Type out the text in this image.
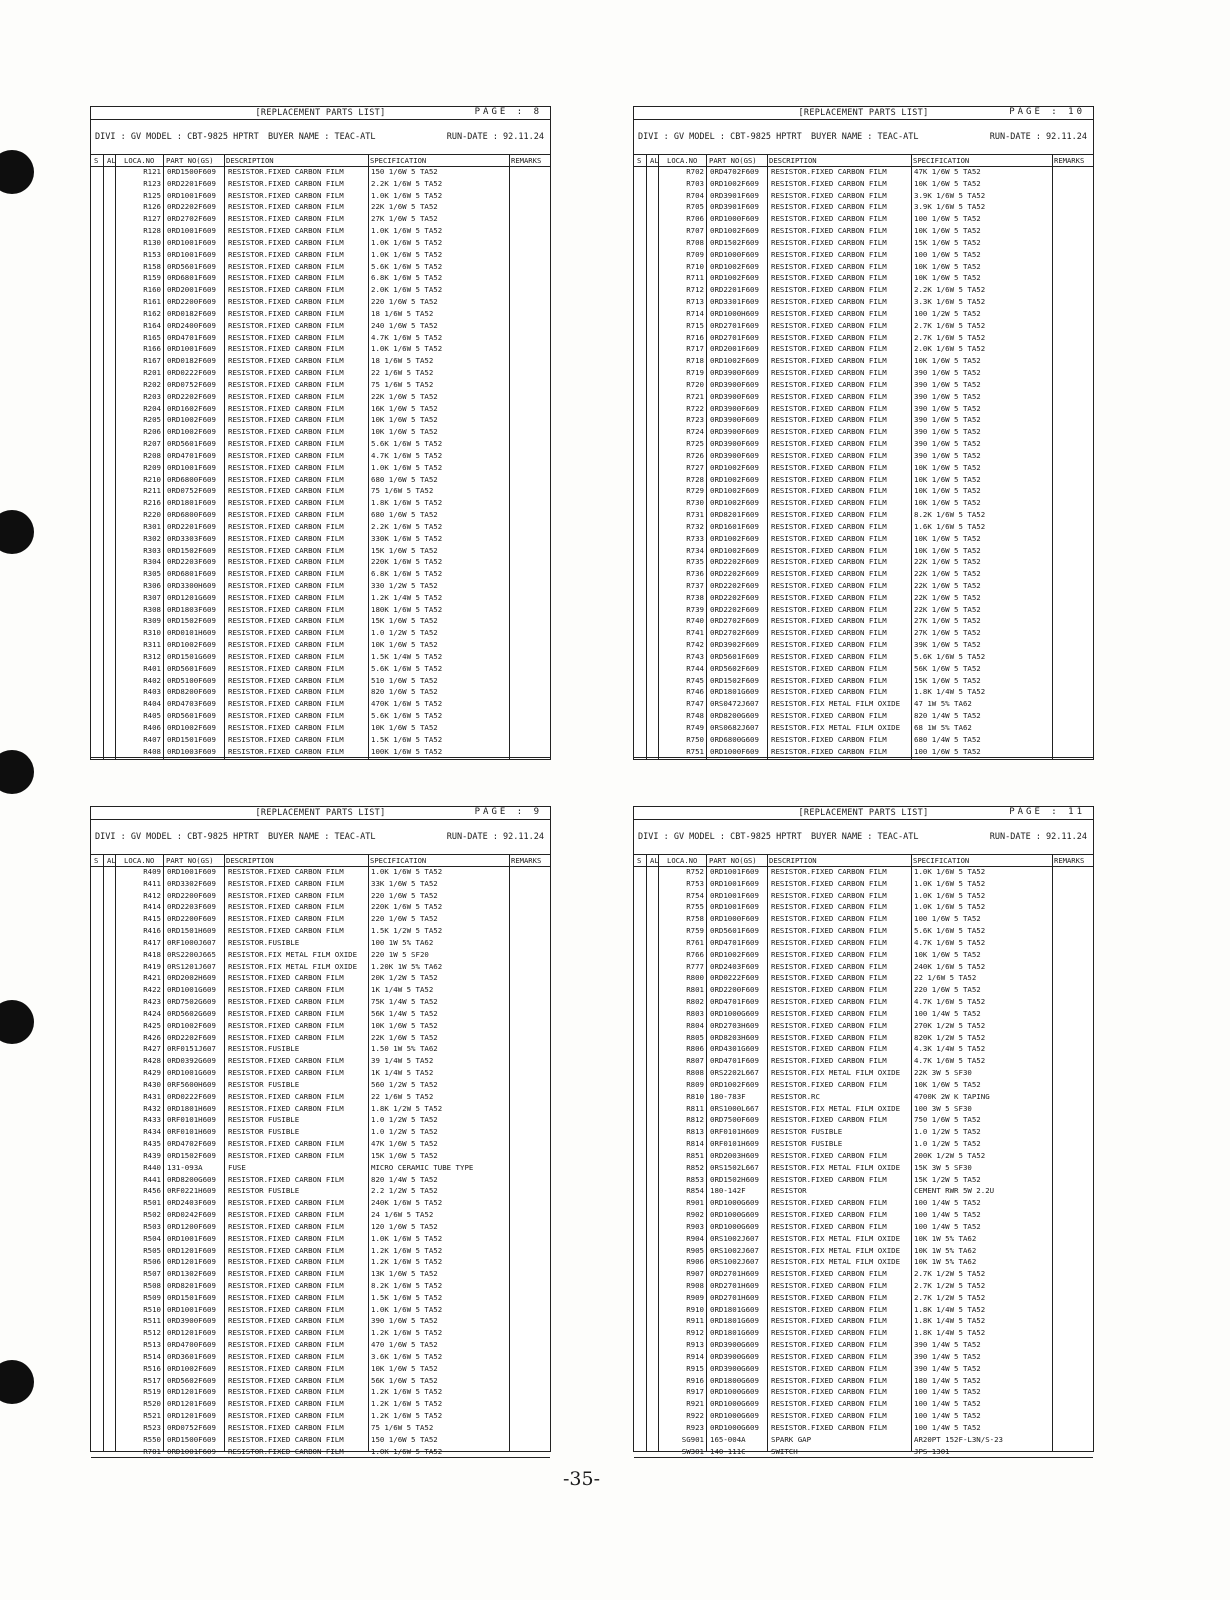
[REPLACEMENT PARTS LIST]	PAGE : 8
DIVI : GV MODEL : CBT-9825 HPTRT BUYER NAME : TEAC-ATL	RUN-DATE : 92.11.24
S AL LOCA.NO PART NO(GS) DESCRIPTION	SPECIFICATION	REMARKS
R121 0RD1500F609	RESISTOR.FIXED CARBON FILM	150 1/6W 5 TA52
R123 0RD2201F609	RESISTOR.FIXED CARBON FILM	2.2K 1/6W 5 TA52
R125 0RD1001F609	RESISTOR.FIXED CARBON FILM	1.0K 1/6W 5 TA52
R126 0RD2202F609	RESISTOR.FIXED CARBON FILM	22K 1/6W 5 TA52
R127 0RD2702F609	RESISTOR.FIXED CARBON FILM	27K 1/6W 5 TA52
R128 0RD1001F609	RESISTOR.FIXED CARBON FILM	1.0K 1/6W 5 TA52
R130 0RD1001F609	RESISTOR.FIXED CARBON FILM	1.0K 1/6W 5 TA52
R153 0RD1001F609	RESISTOR.FIXED CARBON FILM	1.0K 1/6W 5 TA52
R158 0RD5601F609	RESISTOR.FIXED CARBON FILM	5.6K 1/6W 5 TA52
R159 0RD6801F609	RESISTOR.FIXED CARBON FILM	6.8K 1/6W 5 TA52
R160 0RD2001F609	RESISTOR.FIXED CARBON FILM	2.0K 1/6W 5 TA52
R161 0RD2200F609	RESISTOR.FIXED CARBON FILM	220 1/6W 5 TA52
R162 0RD0182F609	RESISTOR.FIXED CARBON FILM	18 1/6W 5 TA52
R164 0RD2400F609	RESISTOR.FIXED CARBON FILM	240 1/6W 5 TA52
R165 0RD4701F609	RESISTOR.FIXED CARBON FILM	4.7K 1/6W 5 TA52
R166 0RD1001F609	RESISTOR.FIXED CARBON FILM	1.0K 1/6W 5 TA52
R167 0RD0182F609	RESISTOR.FIXED CARBON FILM	18 1/6W 5 TA52
R201 0RD0222F609	RESISTOR.FIXED CARBON FILM	22 1/6W 5 TA52
R202 0RD0752F609	RESISTOR.FIXED CARBON FILM	75 1/6W 5 TA52
R203 0RD2202F609	RESISTOR.FIXED CARBON FILM	22K 1/6W 5 TA52
R204 0RD1602F609	RESISTOR.FIXED CARBON FILM	16K 1/6W 5 TA52
R205 0RD1002F609	RESISTOR.FIXED CARBON FILM	10K 1/6W 5 TA52
R206 0RD1002F609	RESISTOR.FIXED CARBON FILM	10K 1/6W 5 TA52
R207 0RD5601F609	RESISTOR.FIXED CARBON FILM	5.6K 1/6W 5 TA52
R208 0RD4701F609	RESISTOR.FIXED CARBON FILM	4.7K 1/6W 5 TA52
R209 0RD1001F609	RESISTOR.FIXED CARBON FILM	1.0K 1/6W 5 TA52
R210 0RD6800F609	RESISTOR.FIXED CARBON FILM	680 1/6W 5 TA52
R211 0RD0752F609	RESISTOR.FIXED CARBON FILM	75 1/6W 5 TA52
R216 0RD1801F609	RESISTOR.FIXED CARBON FILM	1.8K 1/6W 5 TA52
R220 0RD6800F609	RESISTOR.FIXED CARBON FILM	680 1/6W 5 TA52
R301 0RD2201F609	RESISTOR.FIXED CARBON FILM	2.2K 1/6W 5 TA52
R302 0RD3303F609	RESISTOR.FIXED CARBON FILM	330K 1/6W 5 TA52
R303 0RD1502F609	RESISTOR.FIXED CARBON FILM	15K 1/6W 5 TA52
R304 0RD2203F609	RESISTOR.FIXED CARBON FILM	220K 1/6W 5 TA52
R305 0RD6801F609	RESISTOR.FIXED CARBON FILM	6.8K 1/6W 5 TA52
R306 0RD3300H609	RESISTOR.FIXED CARBON FILM	330 1/2W 5 TA52
R307 0RD1201G609	RESISTOR.FIXED CARBON FILM	1.2K 1/4W 5 TA52
R308 0RD1803F609	RESISTOR.FIXED CARBON FILM	180K 1/6W 5 TA52
R309 0RD1502F609	RESISTOR.FIXED CARBON FILM	15K 1/6W 5 TA52
R310 0RD0101H609	RESISTOR.FIXED CARBON FILM	1.0 1/2W 5 TA52
R311 0RD1002F609	RESISTOR.FIXED CARBON FILM	10K 1/6W 5 TA52
R312 0RD1501G609	RESISTOR.FIXED CARBON FILM	1.5K 1/4W 5 TA52
R401 0RD5601F609	RESISTOR.FIXED CARBON FILM	5.6K 1/6W 5 TA52
R402 0RD5100F609	RESISTOR.FIXED CARBON FILM	510 1/6W 5 TA52
R403 0RD8200F609	RESISTOR.FIXED CARBON FILM	820 1/6W 5 TA52
R404 0RD4703F609	RESISTOR.FIXED CARBON FILM	470K 1/6W 5 TA52
R405 0RD5601F609	RESISTOR.FIXED CARBON FILM	5.6K 1/6W 5 TA52
R406 0RD1002F609	RESISTOR.FIXED CARBON FILM	10K 1/6W 5 TA52
R407 0RD1501F609	RESISTOR.FIXED CARBON FILM	1.5K 1/6W 5 TA52
R408 0RD1003F609	RESISTOR.FIXED CARBON FILM	100K 1/6W 5 TA52
[REPLACEMENT PARTS LIST]	PAGE : 10
DIVI : GV MODEL : CBT-9825 HPTRT BUYER NAME : TEAC-ATL	RUN-DATE : 92.11.24
S AL LOCA.NO PART NO(GS) DESCRIPTION	SPECIFICATION	REMARKS
R702 0RD4702F609	RESISTOR.FIXED CARBON FILM	47K 1/6W 5 TA52
R703 0RD1002F609	RESISTOR.FIXED CARBON FILM	10K 1/6W 5 TA52
R704 0RD3901F609	RESISTOR.FIXED CARBON FILM	3.9K 1/6W 5 TA52
R705 0RD3901F609	RESISTOR.FIXED CARBON FILM	3.9K 1/6W 5 TA52
R706 0RD1000F609	RESISTOR.FIXED CARBON FILM	100 1/6W 5 TA52
R707 0RD1002F609	RESISTOR.FIXED CARBON FILM	10K 1/6W 5 TA52
R708 0RD1502F609	RESISTOR.FIXED CARBON FILM	15K 1/6W 5 TA52
R709 0RD1000F609	RESISTOR.FIXED CARBON FILM	100 1/6W 5 TA52
R710 0RD1002F609	RESISTOR.FIXED CARBON FILM	10K 1/6W 5 TA52
R711 0RD1002F609	RESISTOR.FIXED CARBON FILM	10K 1/6W 5 TA52
R712 0RD2201F609	RESISTOR.FIXED CARBON FILM	2.2K 1/6W 5 TA52
R713 0RD3301F609	RESISTOR.FIXED CARBON FILM	3.3K 1/6W 5 TA52
R714 0RD1000H609	RESISTOR.FIXED CARBON FILM	100 1/2W 5 TA52
R715 0RD2701F609	RESISTOR.FIXED CARBON FILM	2.7K 1/6W 5 TA52
R716 0RD2701F609	RESISTOR.FIXED CARBON FILM	2.7K 1/6W 5 TA52
R717 0RD2001F609	RESISTOR.FIXED CARBON FILM	2.0K 1/6W 5 TA52
R718 0RD1002F609	RESISTOR.FIXED CARBON FILM	10K 1/6W 5 TA52
R719 0RD3900F609	RESISTOR.FIXED CARBON FILM	390 1/6W 5 TA52
R720 0RD3900F609	RESISTOR.FIXED CARBON FILM	390 1/6W 5 TA52
R721 0RD3900F609	RESISTOR.FIXED CARBON FILM	390 1/6W 5 TA52
R722 0RD3900F609	RESISTOR.FIXED CARBON FILM	390 1/6W 5 TA52
R723 0RD3900F609	RESISTOR.FIXED CARBON FILM	390 1/6W 5 TA52
R724 0RD3900F609	RESISTOR.FIXED CARBON FILM	390 1/6W 5 TA52
R725 0RD3900F609	RESISTOR.FIXED CARBON FILM	390 1/6W 5 TA52
R726 0RD3900F609	RESISTOR.FIXED CARBON FILM	390 1/6W 5 TA52
R727 0RD1002F609	RESISTOR.FIXED CARBON FILM	10K 1/6W 5 TA52
R728 0RD1002F609	RESISTOR.FIXED CARBON FILM	10K 1/6W 5 TA52
R729 0RD1002F609	RESISTOR.FIXED CARBON FILM	10K 1/6W 5 TA52
R730 0RD1002F609	RESISTOR.FIXED CARBON FILM	10K 1/6W 5 TA52
R731 0RD8201F609	RESISTOR.FIXED CARBON FILM	8.2K 1/6W 5 TA52
R732 0RD1601F609	RESISTOR.FIXED CARBON FILM	1.6K 1/6W 5 TA52
R733 0RD1002F609	RESISTOR.FIXED CARBON FILM	10K 1/6W 5 TA52
R734 0RD1002F609	RESISTOR.FIXED CARBON FILM	10K 1/6W 5 TA52
R735 0RD2202F609	RESISTOR.FIXED CARBON FILM	22K 1/6W 5 TA52
R736 0RD2202F609	RESISTOR.FIXED CARBON FILM	22K 1/6W 5 TA52
R737 0RD2202F609	RESISTOR.FIXED CARBON FILM	22K 1/6W 5 TA52
R738 0RD2202F609	RESISTOR.FIXED CARBON FILM	22K 1/6W 5 TA52
R739 0RD2202F609	RESISTOR.FIXED CARBON FILM	22K 1/6W 5 TA52
R740 0RD2702F609	RESISTOR.FIXED CARBON FILM	27K 1/6W 5 TA52
R741 0RD2702F609	RESISTOR.FIXED CARBON FILM	27K 1/6W 5 TA52
R742 0RD3902F609	RESISTOR.FIXED CARBON FILM	39K 1/6W 5 TA52
R743 0RD5601F609	RESISTOR.FIXED CARBON FILM	5.6K 1/6W 5 TA52
R744 0RD5602F609	RESISTOR.FIXED CARBON FILM	56K 1/6W 5 TA52
R745 0RD1502F609	RESISTOR.FIXED CARBON FILM	15K 1/6W 5 TA52
R746 0RD1801G609	RESISTOR.FIXED CARBON FILM	1.8K 1/4W 5 TA52
R747 0RS0472J607	RESISTOR.FIX METAL FILM OXIDE	47 1W 5% TA62
R748 0RD8200G609	RESISTOR.FIXED CARBON FILM	820 1/4W 5 TA52
R749 0RS0682J607	RESISTOR.FIX METAL FILM OXIDE	68 1W 5% TA62
R750 0RD6800G609	RESISTOR.FIXED CARBON FILM	680 1/4W 5 TA52
R751 0RD1000F609	RESISTOR.FIXED CARBON FILM	100 1/6W 5 TA52
[REPLACEMENT PARTS LIST]	PAGE : 9
DIVI : GV MODEL : CBT-9825 HPTRT BUYER NAME : TEAC-ATL	RUN-DATE : 92.11.24
S AL LOCA.NO PART NO(GS) DESCRIPTION	SPECIFICATION	REMARKS
R409 0RD1001F609	RESISTOR.FIXED CARBON FILM	1.0K 1/6W 5 TA52
R411 0RD3302F609	RESISTOR.FIXED CARBON FILM	33K 1/6W 5 TA52
R412 0RD2200F609	RESISTOR.FIXED CARBON FILM	220 1/6W 5 TA52
R414 0RD2203F609	RESISTOR.FIXED CARBON FILM	220K 1/6W 5 TA52
R415 0RD2200F609	RESISTOR.FIXED CARBON FILM	220 1/6W 5 TA52
R416 0RD1501H609	RESISTOR.FIXED CARBON FILM	1.5K 1/2W 5 TA52
R417 0RF1000J607	RESISTOR.FUSIBLE	100 1W 5% TA62
R418 0RS2200J665	RESISTOR.FIX METAL FILM OXIDE	220 1W 5 SF20
R419 0RS1201J607	RESISTOR.FIX METAL FILM OXIDE	1.20K 1W 5% TA62
R421 0RD2002H609	RESISTOR.FIXED CARBON FILM	20K 1/2W 5 TA52
R422 0RD1001G609	RESISTOR.FIXED CARBON FILM	1K 1/4W 5 TA52
R423 0RD7502G609	RESISTOR.FIXED CARBON FILM	75K 1/4W 5 TA52
R424 0RD5602G609	RESISTOR.FIXED CARBON FILM	56K 1/4W 5 TA52
R425 0RD1002F609	RESISTOR.FIXED CARBON FILM	10K 1/6W 5 TA52
R426 0RD2202F609	RESISTOR.FIXED CARBON FILM	22K 1/6W 5 TA52
R427 0RF0151J607	RESISTOR.FUSIBLE	1.50 1W 5% TA62
R428 0RD0392G609	RESISTOR.FIXED CARBON FILM	39 1/4W 5 TA52
R429 0RD1001G609	RESISTOR.FIXED CARBON FILM	1K 1/4W 5 TA52
R430 0RF5600H609	RESISTOR FUSIBLE	560 1/2W 5 TA52
R431 0RD0222F609	RESISTOR.FIXED CARBON FILM	22 1/6W 5 TA52
R432 0RD1801H609	RESISTOR.FIXED CARBON FILM	1.8K 1/2W 5 TA52
R433 0RF0101H609	RESISTOR FUSIBLE	1.0 1/2W 5 TA52
R434 0RF0101H609	RESISTOR FUSIBLE	1.0 1/2W 5 TA52
R435 0RD4702F609	RESISTOR.FIXED CARBON FILM	47K 1/6W 5 TA52
R439 0RD1502F609	RESISTOR.FIXED CARBON FILM	15K 1/6W 5 TA52
R440 131-093A	FUSE	MICRO CERAMIC TUBE TYPE
R441 0RD8200G609	RESISTOR.FIXED CARBON FILM	820 1/4W 5 TA52
R456 0RF0221H609	RESISTOR FUSIBLE	2.2 1/2W 5 TA52
R501 0RD2403F609	RESISTOR.FIXED CARBON FILM	240K 1/6W 5 TA52
R502 0RD0242F609	RESISTOR.FIXED CARBON FILM	24 1/6W 5 TA52
R503 0RD1200F609	RESISTOR.FIXED CARBON FILM	120 1/6W 5 TA52
R504 0RD1001F609	RESISTOR.FIXED CARBON FILM	1.0K 1/6W 5 TA52
R505 0RD1201F609	RESISTOR.FIXED CARBON FILM	1.2K 1/6W 5 TA52
R506 0RD1201F609	RESISTOR.FIXED CARBON FILM	1.2K 1/6W 5 TA52
R507 0RD1302F609	RESISTOR.FIXED CARBON FILM	13K 1/6W 5 TA52
R508 0RD8201F609	RESISTOR.FIXED CARBON FILM	8.2K 1/6W 5 TA52
R509 0RD1501F609	RESISTOR.FIXED CARBON FILM	1.5K 1/6W 5 TA52
R510 0RD1001F609	RESISTOR.FIXED CARBON FILM	1.0K 1/6W 5 TA52
R511 0RD3900F609	RESISTOR.FIXED CARBON FILM	390 1/6W 5 TA52
R512 0RD1201F609	RESISTOR.FIXED CARBON FILM	1.2K 1/6W 5 TA52
R513 0RD4700F609	RESISTOR.FIXED CARBON FILM	470 1/6W 5 TA52
R514 0RD3601F609	RESISTOR.FIXED CARBON FILM	3.6K 1/6W 5 TA52
R516 0RD1002F609	RESISTOR.FIXED CARBON FILM	10K 1/6W 5 TA52
R517 0RD5602F609	RESISTOR.FIXED CARBON FILM	56K 1/6W 5 TA52
R519 0RD1201F609	RESISTOR.FIXED CARBON FILM	1.2K 1/6W 5 TA52
R520 0RD1201F609	RESISTOR.FIXED CARBON FILM	1.2K 1/6W 5 TA52
R521 0RD1201F609	RESISTOR.FIXED CARBON FILM	1.2K 1/6W 5 TA52
R523 0RD0752F609	RESISTOR.FIXED CARBON FILM	75 1/6W 5 TA52
R550 0RD1500F609	RESISTOR.FIXED CARBON FILM	150 1/6W 5 TA52
R701 0RD1001F609	RESISTOR.FIXED CARBON FILM	1.0K 1/6W 5 TA52
[REPLACEMENT PARTS LIST]	PAGE : 11
DIVI : GV MODEL : CBT-9825 HPTRT BUYER NAME : TEAC-ATL	RUN-DATE : 92.11.24
S AL LOCA.NO PART NO(GS) DESCRIPTION	SPECIFICATION	REMARKS
R752 0RD1001F609	RESISTOR.FIXED CARBON FILM	1.0K 1/6W 5 TA52
R753 0RD1001F609	RESISTOR.FIXED CARBON FILM	1.0K 1/6W 5 TA52
R754 0RD1001F609	RESISTOR.FIXED CARBON FILM	1.0K 1/6W 5 TA52
R755 0RD1001F609	RESISTOR.FIXED CARBON FILM	1.0K 1/6W 5 TA52
R758 0RD1000F609	RESISTOR.FIXED CARBON FILM	100 1/6W 5 TA52
R759 0RD5601F609	RESISTOR.FIXED CARBON FILM	5.6K 1/6W 5 TA52
R761 0RD4701F609	RESISTOR.FIXED CARBON FILM	4.7K 1/6W 5 TA52
R766 0RD1002F609	RESISTOR.FIXED CARBON FILM	10K 1/6W 5 TA52
R777 0RD2403F609	RESISTOR.FIXED CARBON FILM	240K 1/6W 5 TA52
R800 0RD0222F609	RESISTOR.FIXED CARBON FILM	22 1/6W 5 TA52
R801 0RD2200F609	RESISTOR.FIXED CARBON FILM	220 1/6W 5 TA52
R802 0RD4701F609	RESISTOR.FIXED CARBON FILM	4.7K 1/6W 5 TA52
R803 0RD1000G609	RESISTOR.FIXED CARBON FILM	100 1/4W 5 TA52
R804 0RD2703H609	RESISTOR.FIXED CARBON FILM	270K 1/2W 5 TA52
R805 0RD8203H609	RESISTOR.FIXED CARBON FILM	820K 1/2W 5 TA52
R806 0RD4301G609	RESISTOR.FIXED CARBON FILM	4.3K 1/4W 5 TA52
R807 0RD4701F609	RESISTOR.FIXED CARBON FILM	4.7K 1/6W 5 TA52
R808 0RS2202L667	RESISTOR.FIX METAL FILM OXIDE	22K 3W 5 SF30
R809 0RD1002F609	RESISTOR.FIXED CARBON FILM	10K 1/6W 5 TA52
R810 180-783F	RESISTOR.RC	4700K 2W K TAPING
R811 0RS1000L667	RESISTOR.FIX METAL FILM OXIDE	100 3W 5 SF30
R812 0RD7500F609	RESISTOR.FIXED CARBON FILM	750 1/6W 5 TA52
R813 0RF0101H609	RESISTOR FUSIBLE	1.0 1/2W 5 TA52
R814 0RF0101H609	RESISTOR FUSIBLE	1.0 1/2W 5 TA52
R851 0RD2003H609	RESISTOR.FIXED CARBON FILM	200K 1/2W 5 TA52
R852 0RS1502L667	RESISTOR.FIX METAL FILM OXIDE	15K 3W 5 SF30
R853 0RD1502H609	RESISTOR.FIXED CARBON FILM	15K 1/2W 5 TA52
R854 180-142F	RESISTOR	CEMENT RWR 5W 2.2U
R901 0RD1000G609	RESISTOR.FIXED CARBON FILM	100 1/4W 5 TA52
R902 0RD1000G609	RESISTOR.FIXED CARBON FILM	100 1/4W 5 TA52
R903 0RD1000G609	RESISTOR.FIXED CARBON FILM	100 1/4W 5 TA52
R904 0RS1002J607	RESISTOR.FIX METAL FILM OXIDE	10K 1W 5% TA62
R905 0RS1002J607	RESISTOR.FIX METAL FILM OXIDE	10K 1W 5% TA62
R906 0RS1002J607	RESISTOR.FIX METAL FILM OXIDE	10K 1W 5% TA62
R907 0RD2701H609	RESISTOR.FIXED CARBON FILM	2.7K 1/2W 5 TA52
R908 0RD2701H609	RESISTOR.FIXED CARBON FILM	2.7K 1/2W 5 TA52
R909 0RD2701H609	RESISTOR.FIXED CARBON FILM	2.7K 1/2W 5 TA52
R910 0RD1801G609	RESISTOR.FIXED CARBON FILM	1.8K 1/4W 5 TA52
R911 0RD1801G609	RESISTOR.FIXED CARBON FILM	1.8K 1/4W 5 TA52
R912 0RD1801G609	RESISTOR.FIXED CARBON FILM	1.8K 1/4W 5 TA52
R913 0RD3900G609	RESISTOR.FIXED CARBON FILM	390 1/4W 5 TA52
R914 0RD3900G609	RESISTOR.FIXED CARBON FILM	390 1/4W 5 TA52
R915 0RD3900G609	RESISTOR.FIXED CARBON FILM	390 1/4W 5 TA52
R916 0RD1800G609	RESISTOR.FIXED CARBON FILM	180 1/4W 5 TA52
R917 0RD1000G609	RESISTOR.FIXED CARBON FILM	100 1/4W 5 TA52
R921 0RD1000G609	RESISTOR.FIXED CARBON FILM	100 1/4W 5 TA52
R922 0RD1000G609	RESISTOR.FIXED CARBON FILM	100 1/4W 5 TA52
R923 0RD1000G609	RESISTOR.FIXED CARBON FILM	100 1/4W 5 TA52
SG901 165-004A	SPARK GAP	AR20PT 152F-L3N/S-23
SW301 140-111C	SWITCH	JPS-1301
-35-
